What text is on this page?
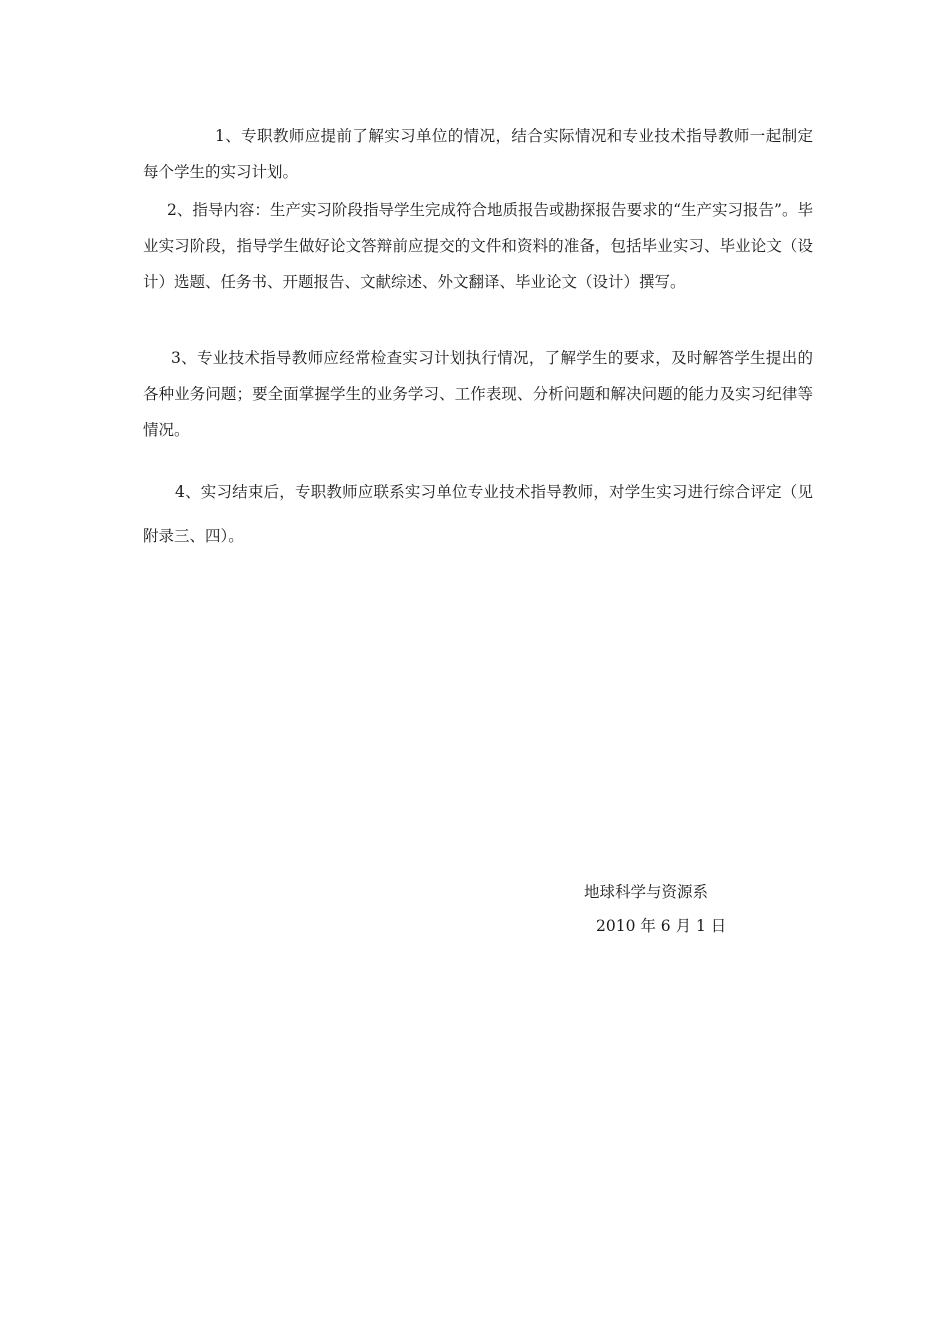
1、专职教师应提前了解实习单位的情况，结合实际情况和专业技术指导教师一起制定每个学生的实习计划。

2、指导内容：生产实习阶段指导学生完成符合地质报告或勘探报告要求的“生产实习报告”。毕业实习阶段，指导学生做好论文答辩前应提交的文件和资料的准备，包括毕业实习、毕业论文（设计）选题、任务书、开题报告、文献综述、外文翻译、毕业论文（设计）撰写。

3、专业技术指导教师应经常检查实习计划执行情况，了解学生的要求，及时解答学生提出的各种业务问题；要全面掌握学生的业务学习、工作表现、分析问题和解决问题的能力及实习纪律等情况。

4、实习结束后，专职教师应联系实习单位专业技术指导教师，对学生实习进行综合评定（见附录三、四）。

地球科学与资源系
2010 年 6 月 1 日
